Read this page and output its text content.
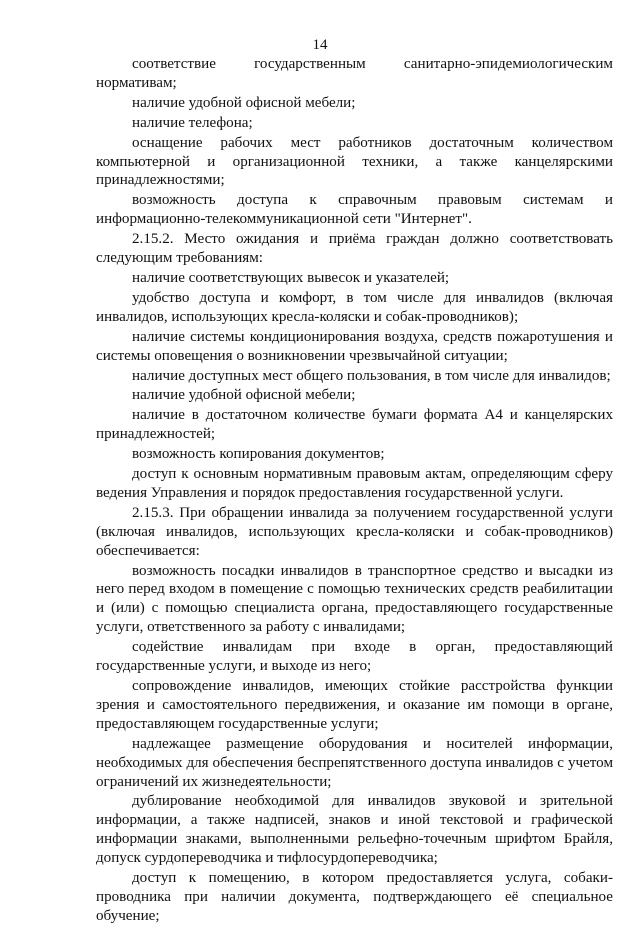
14

соответствие государственным санитарно-эпидемиологическим нормативам;

наличие удобной офисной мебели;

наличие телефона;

оснащение рабочих мест работников достаточным количеством компьютерной и организационной техники, а также канцелярскими принадлежностями;

возможность доступа к справочным правовым системам и информационно-телекоммуникационной сети "Интернет".

2.15.2. Место ожидания и приёма граждан должно соответствовать следующим требованиям:

наличие соответствующих вывесок и указателей;

удобство доступа и комфорт, в том числе для инвалидов (включая инвалидов, использующих кресла-коляски и собак-проводников);

наличие системы кондиционирования воздуха, средств пожаротушения и системы оповещения о возникновении чрезвычайной ситуации;

наличие доступных мест общего пользования, в том числе для инвалидов;

наличие удобной офисной мебели;

наличие в достаточном количестве бумаги формата А4 и канцелярских принадлежностей;

возможность копирования документов;

доступ к основным нормативным правовым актам, определяющим сферу ведения Управления и порядок предоставления государственной услуги.

2.15.3. При обращении инвалида за получением государственной услуги (включая инвалидов, использующих кресла-коляски и собак-проводников) обеспечивается:

возможность посадки инвалидов в транспортное средство и высадки из него перед входом в помещение с помощью технических средств реабилитации и (или) с помощью специалиста органа, предоставляющего государственные услуги, ответственного за работу с инвалидами;

содействие инвалидам при входе в орган, предоставляющий государственные услуги, и выходе из него;

сопровождение инвалидов, имеющих стойкие расстройства функции зрения и самостоятельного передвижения, и оказание им помощи в органе, предоставляющем государственные услуги;

надлежащее размещение оборудования и носителей информации, необходимых для обеспечения беспрепятственного доступа инвалидов с учетом ограничений их жизнедеятельности;

дублирование необходимой для инвалидов звуковой и зрительной информации, а также надписей, знаков и иной текстовой и графической информации знаками, выполненными рельефно-точечным шрифтом Брайля, допуск сурдопереводчика и тифлосурдопереводчика;

доступ к помещению, в котором предоставляется услуга, собаки-проводника при наличии документа, подтверждающего её специальное обучение;
